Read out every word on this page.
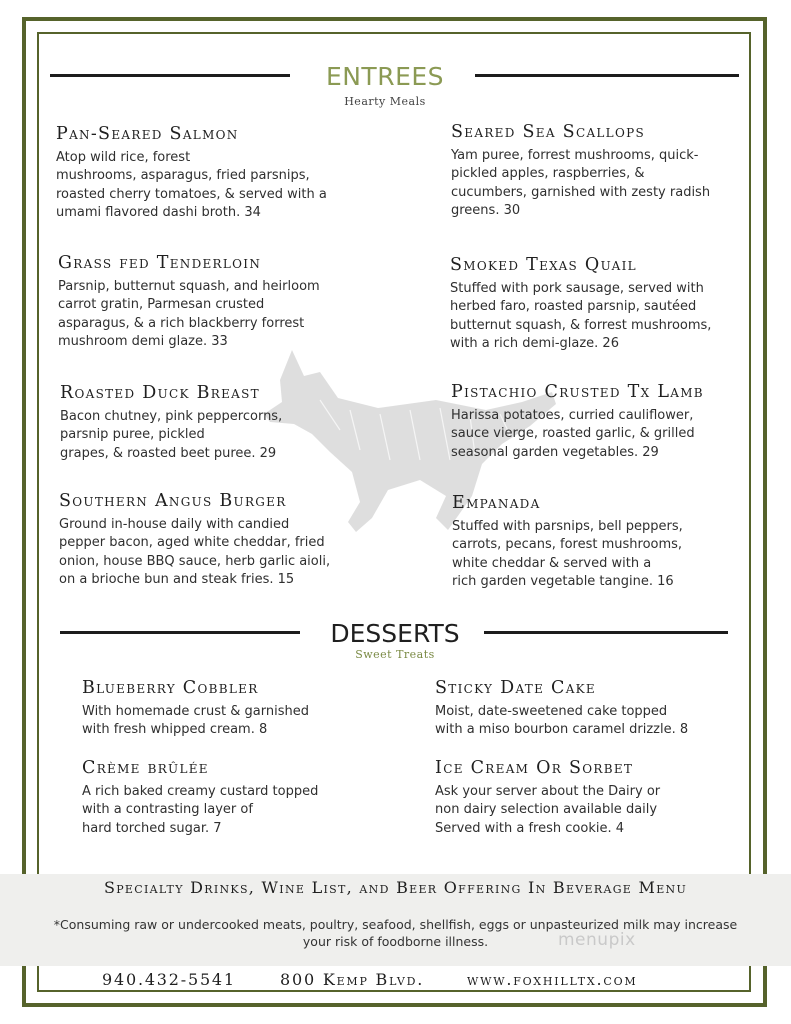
ENTREES
Hearty Meals
Pan-Seared Salmon
Atop wild rice, forest
mushrooms, asparagus, fried parsnips,
roasted cherry tomatoes, & served with a
umami flavored dashi broth. 34
Seared Sea Scallops
Yam puree, forrest mushrooms, quick-
pickled apples, raspberries, &
cucumbers, garnished with zesty radish
greens. 30
Grass fed Tenderloin
Parsnip, butternut squash, and heirloom
carrot gratin, Parmesan crusted
asparagus, & a rich blackberry forrest
mushroom demi glaze. 33
Smoked Texas Quail
Stuffed with pork sausage, served with
herbed faro, roasted parsnip, sautéed
butternut squash, & forrest mushrooms,
with a rich demi-glaze. 26
Roasted Duck Breast
Bacon chutney, pink peppercorns,
parsnip puree, pickled
grapes, & roasted beet puree. 29
Pistachio Crusted Tx Lamb
Harissa potatoes, curried cauliflower,
sauce vierge, roasted garlic, & grilled
seasonal garden vegetables. 29
Southern Angus Burger
Ground in-house daily with candied
pepper bacon, aged white cheddar, fried
onion, house BBQ sauce, herb garlic aioli,
on a brioche bun and steak fries. 15
Empanada
Stuffed with parsnips, bell peppers,
carrots, pecans, forest mushrooms,
white cheddar & served with a
rich garden vegetable tangine. 16
DESSERTS
Sweet Treats
Blueberry Cobbler
With homemade crust & garnished
with fresh whipped cream. 8
Sticky Date Cake
Moist, date-sweetened cake topped
with a miso bourbon caramel drizzle. 8
Crème brûlée
A rich baked creamy custard topped
with a contrasting layer of
hard torched sugar. 7
Ice Cream Or Sorbet
Ask your server about the Dairy or
non dairy selection available daily
Served with a fresh cookie. 4
Specialty Drinks, Wine List, and Beer Offering In Beverage Menu
*Consuming raw or undercooked meats, poultry, seafood, shellfish, eggs or unpasteurized milk may increase your risk of foodborne illness.	menupix
940.432-5541	800 Kemp Blvd.	www.foxhilltx.com
